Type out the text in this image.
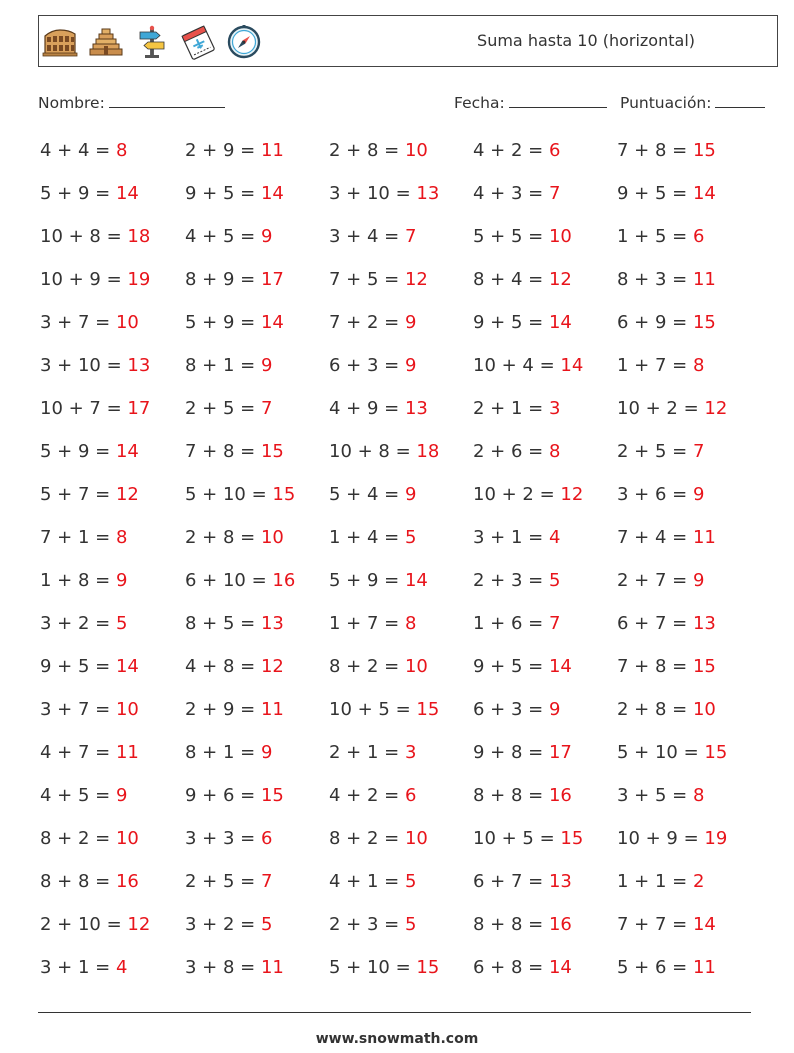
Suma hasta 10 (horizontal)
Nombre:	Fecha:	Puntuación:
4 + 4 = 8
5 + 9 = 14
10 + 8 = 18
10 + 9 = 19
3 + 7 = 10
3 + 10 = 13
10 + 7 = 17
5 + 9 = 14
5 + 7 = 12
7 + 1 = 8
1 + 8 = 9
3 + 2 = 5
9 + 5 = 14
3 + 7 = 10
4 + 7 = 11
4 + 5 = 9
8 + 2 = 10
8 + 8 = 16
2 + 10 = 12
3 + 1 = 4
2 + 9 = 11
9 + 5 = 14
4 + 5 = 9
8 + 9 = 17
5 + 9 = 14
8 + 1 = 9
2 + 5 = 7
7 + 8 = 15
5 + 10 = 15
2 + 8 = 10
6 + 10 = 16
8 + 5 = 13
4 + 8 = 12
2 + 9 = 11
8 + 1 = 9
9 + 6 = 15
3 + 3 = 6
2 + 5 = 7
3 + 2 = 5
3 + 8 = 11
2 + 8 = 10
3 + 10 = 13
3 + 4 = 7
7 + 5 = 12
7 + 2 = 9
6 + 3 = 9
4 + 9 = 13
10 + 8 = 18
5 + 4 = 9
1 + 4 = 5
5 + 9 = 14
1 + 7 = 8
8 + 2 = 10
10 + 5 = 15
2 + 1 = 3
4 + 2 = 6
8 + 2 = 10
4 + 1 = 5
2 + 3 = 5
5 + 10 = 15
4 + 2 = 6
4 + 3 = 7
5 + 5 = 10
8 + 4 = 12
9 + 5 = 14
10 + 4 = 14
2 + 1 = 3
2 + 6 = 8
10 + 2 = 12
3 + 1 = 4
2 + 3 = 5
1 + 6 = 7
9 + 5 = 14
6 + 3 = 9
9 + 8 = 17
8 + 8 = 16
10 + 5 = 15
6 + 7 = 13
8 + 8 = 16
6 + 8 = 14
7 + 8 = 15
9 + 5 = 14
1 + 5 = 6
8 + 3 = 11
6 + 9 = 15
1 + 7 = 8
10 + 2 = 12
2 + 5 = 7
3 + 6 = 9
7 + 4 = 11
2 + 7 = 9
6 + 7 = 13
7 + 8 = 15
2 + 8 = 10
5 + 10 = 15
3 + 5 = 8
10 + 9 = 19
1 + 1 = 2
7 + 7 = 14
5 + 6 = 11
www.snowmath.com
